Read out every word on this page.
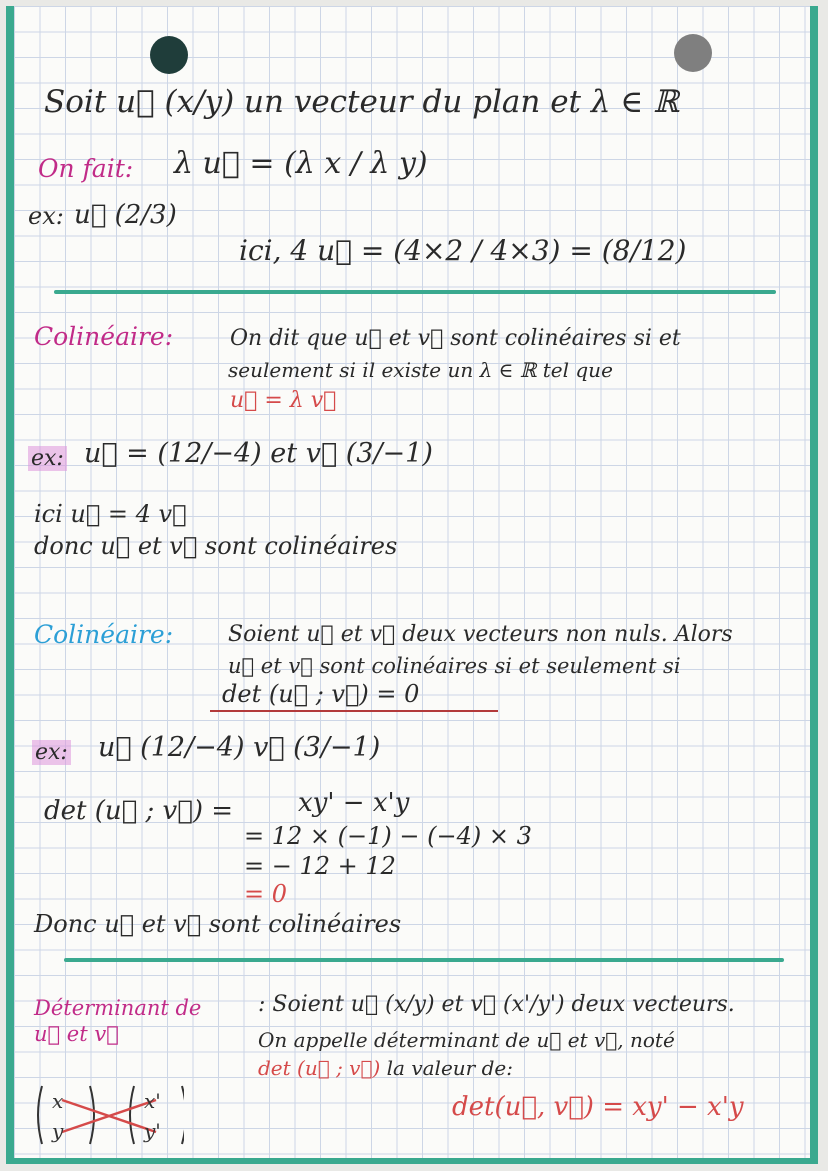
Soit u⃗ (x/y) un vecteur du plan et λ ∈ ℝ
On fait: λ u⃗ = (λ x / λ y)
ex: u⃗ (2/3)
ici, 4 u⃗ = (4×2 / 4×3) = (8/12)
Colinéaire:	On dit que u⃗ et v⃗ sont colinéaires si et
seulement si il existe un λ ∈ ℝ tel que
u⃗ = λ v⃗
ex: u⃗ = (12/−4) et v⃗ (3/−1)
ici u⃗ = 4 v⃗
donc u⃗ et v⃗ sont colinéaires
Colinéaire: Soient u⃗ et v⃗ deux vecteurs non nuls. Alors
u⃗ et v⃗ sont colinéaires si et seulement si
det (u⃗ ; v⃗) = 0
ex: u⃗ (12/−4) v⃗ (3/−1)
det (u⃗ ; v⃗) = xy' − x'y
= 12 × (−1) − (−4) × 3
= − 12 + 12
= 0
Donc u⃗ et v⃗ sont colinéaires
Déterminant de
u⃗ et v⃗
: Soient u⃗ (x/y) et v⃗ (x'/y') deux vecteurs.
On appelle déterminant de u⃗ et v⃗, noté
det (u⃗ ; v⃗) la valeur de:
det(u⃗, v⃗) = xy' − x'y
x
y
x'
y'
